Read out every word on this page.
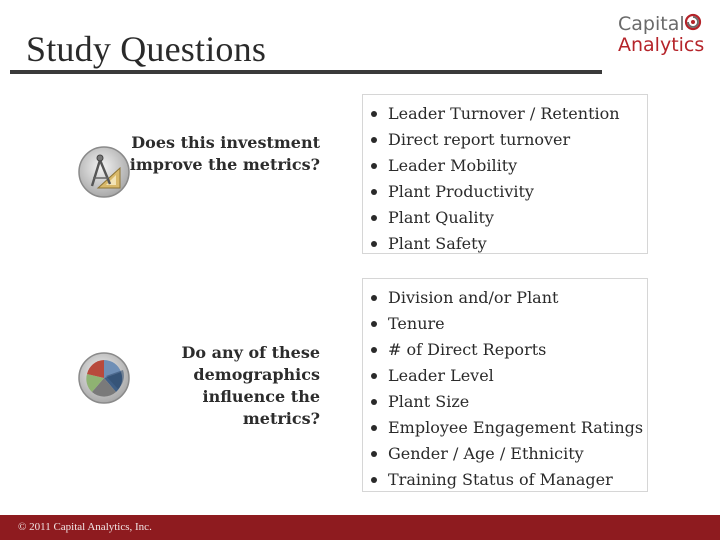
Study Questions
Capital
Analytics
Does this investment improve the metrics?
Leader Turnover / Retention
Direct report turnover
Leader Mobility
Plant Productivity
Plant Quality
Plant Safety
Do any of these demographics influence the metrics?
Division and/or Plant
Tenure
# of Direct Reports
Leader Level
Plant Size
Employee Engagement Ratings
Gender / Age / Ethnicity
Training Status of Manager
© 2011 Capital Analytics, Inc.
